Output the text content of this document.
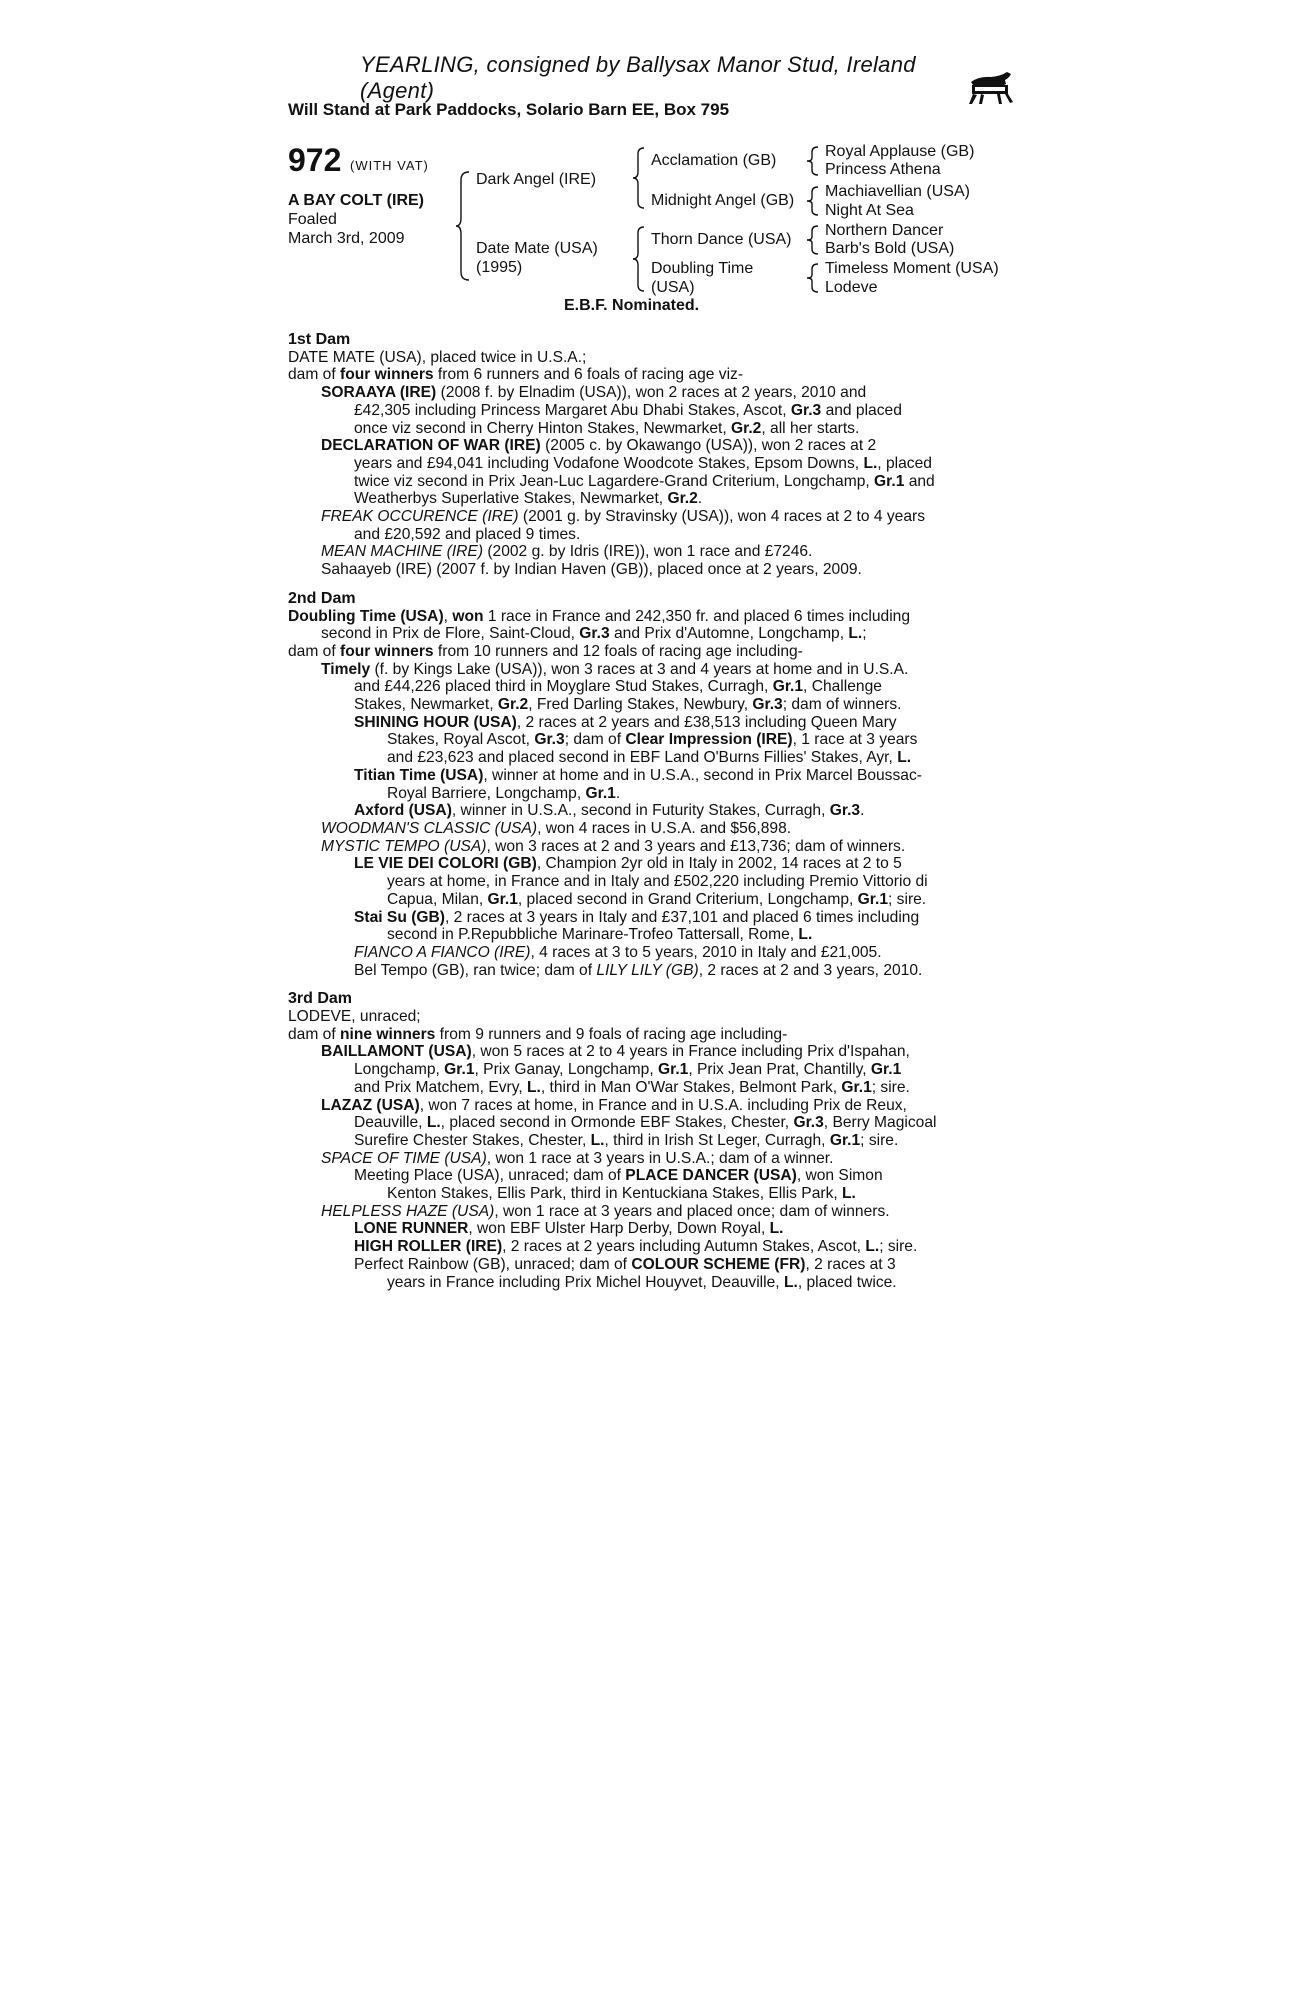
YEARLING, consigned by Ballysax Manor Stud, Ireland (Agent)
Will Stand at Park Paddocks, Solario Barn EE, Box 795
972 (WITH VAT)
A BAY COLT (IRE)
Foaled
March 3rd, 2009
Dark Angel (IRE)
Date Mate (USA)
(1995)
Acclamation (GB)
Midnight Angel (GB)
Thorn Dance (USA)
Doubling Time
(USA)
Royal Applause (GB)
Princess Athena
Machiavellian (USA)
Night At Sea
Northern Dancer
Barb's Bold (USA)
Timeless Moment (USA)
Lodeve
E.B.F. Nominated.
1st Dam
DATE MATE (USA), placed twice in U.S.A.;
dam of four winners from 6 runners and 6 foals of racing age viz-
SORAAYA (IRE) (2008 f. by Elnadim (USA)), won 2 races at 2 years, 2010 and
£42,305 including Princess Margaret Abu Dhabi Stakes, Ascot, Gr.3 and placed
once viz second in Cherry Hinton Stakes, Newmarket, Gr.2, all her starts.
DECLARATION OF WAR (IRE) (2005 c. by Okawango (USA)), won 2 races at 2
years and £94,041 including Vodafone Woodcote Stakes, Epsom Downs, L., placed
twice viz second in Prix Jean-Luc Lagardere-Grand Criterium, Longchamp, Gr.1 and
Weatherbys Superlative Stakes, Newmarket, Gr.2.
FREAK OCCURENCE (IRE) (2001 g. by Stravinsky (USA)), won 4 races at 2 to 4 years
and £20,592 and placed 9 times.
MEAN MACHINE (IRE) (2002 g. by Idris (IRE)), won 1 race and £7246.
Sahaayeb (IRE) (2007 f. by Indian Haven (GB)), placed once at 2 years, 2009.
2nd Dam
Doubling Time (USA), won 1 race in France and 242,350 fr. and placed 6 times including
second in Prix de Flore, Saint-Cloud, Gr.3 and Prix d'Automne, Longchamp, L.;
dam of four winners from 10 runners and 12 foals of racing age including-
Timely (f. by Kings Lake (USA)), won 3 races at 3 and 4 years at home and in U.S.A.
and £44,226 placed third in Moyglare Stud Stakes, Curragh, Gr.1, Challenge
Stakes, Newmarket, Gr.2, Fred Darling Stakes, Newbury, Gr.3; dam of winners.
SHINING HOUR (USA), 2 races at 2 years and £38,513 including Queen Mary
Stakes, Royal Ascot, Gr.3; dam of Clear Impression (IRE), 1 race at 3 years
and £23,623 and placed second in EBF Land O'Burns Fillies' Stakes, Ayr, L.
Titian Time (USA), winner at home and in U.S.A., second in Prix Marcel Boussac-
Royal Barriere, Longchamp, Gr.1.
Axford (USA), winner in U.S.A., second in Futurity Stakes, Curragh, Gr.3.
WOODMAN'S CLASSIC (USA), won 4 races in U.S.A. and $56,898.
MYSTIC TEMPO (USA), won 3 races at 2 and 3 years and £13,736; dam of winners.
LE VIE DEI COLORI (GB), Champion 2yr old in Italy in 2002, 14 races at 2 to 5
years at home, in France and in Italy and £502,220 including Premio Vittorio di
Capua, Milan, Gr.1, placed second in Grand Criterium, Longchamp, Gr.1; sire.
Stai Su (GB), 2 races at 3 years in Italy and £37,101 and placed 6 times including
second in P.Repubbliche Marinare-Trofeo Tattersall, Rome, L.
FIANCO A FIANCO (IRE), 4 races at 3 to 5 years, 2010 in Italy and £21,005.
Bel Tempo (GB), ran twice; dam of LILY LILY (GB), 2 races at 2 and 3 years, 2010.
3rd Dam
LODEVE, unraced;
dam of nine winners from 9 runners and 9 foals of racing age including-
BAILLAMONT (USA), won 5 races at 2 to 4 years in France including Prix d'Ispahan,
Longchamp, Gr.1, Prix Ganay, Longchamp, Gr.1, Prix Jean Prat, Chantilly, Gr.1
and Prix Matchem, Evry, L., third in Man O'War Stakes, Belmont Park, Gr.1; sire.
LAZAZ (USA), won 7 races at home, in France and in U.S.A. including Prix de Reux,
Deauville, L., placed second in Ormonde EBF Stakes, Chester, Gr.3, Berry Magicoal
Surefire Chester Stakes, Chester, L., third in Irish St Leger, Curragh, Gr.1; sire.
SPACE OF TIME (USA), won 1 race at 3 years in U.S.A.; dam of a winner.
Meeting Place (USA), unraced; dam of PLACE DANCER (USA), won Simon
Kenton Stakes, Ellis Park, third in Kentuckiana Stakes, Ellis Park, L.
HELPLESS HAZE (USA), won 1 race at 3 years and placed once; dam of winners.
LONE RUNNER, won EBF Ulster Harp Derby, Down Royal, L.
HIGH ROLLER (IRE), 2 races at 2 years including Autumn Stakes, Ascot, L.; sire.
Perfect Rainbow (GB), unraced; dam of COLOUR SCHEME (FR), 2 races at 3
years in France including Prix Michel Houyvet, Deauville, L., placed twice.
